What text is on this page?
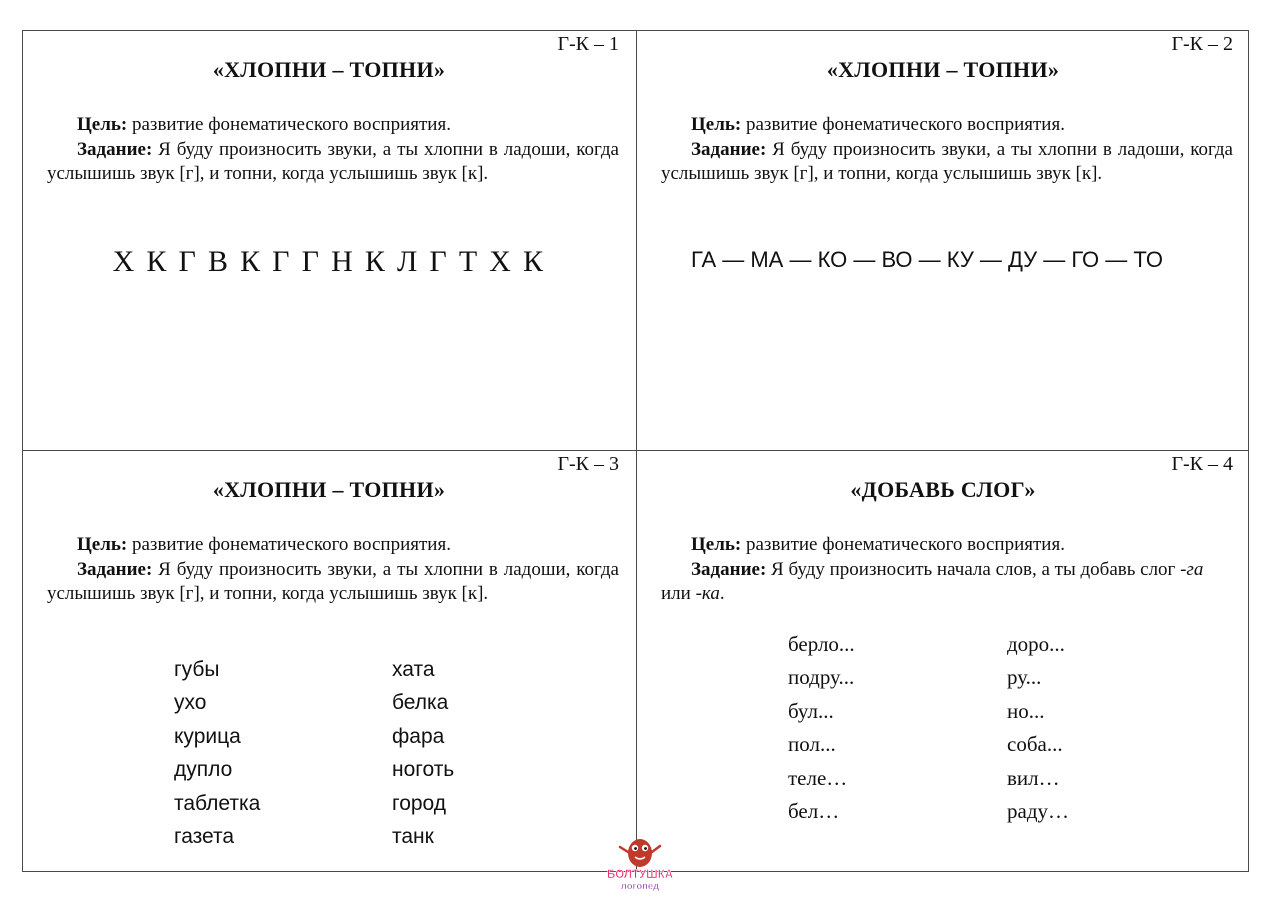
Г-К – 1
«ХЛОПНИ – ТОПНИ»

Цель: развитие фонематического восприятия.

Задание: Я буду произносить звуки, а ты хлопни в ладоши, когда услышишь звук [г], и топни, когда услышишь звук [к].

Х К Г В К Г Г Н К Л Г Т Х К
Г-К – 2
«ХЛОПНИ – ТОПНИ»

Цель: развитие фонематического восприятия.

Задание: Я буду произносить звуки, а ты хлопни в ладоши, когда услышишь звук [г], и топни, когда услышишь звук [к].

ГА — МА — КО — ВО — КУ — ДУ — ГО — ТО
Г-К – 3
«ХЛОПНИ – ТОПНИ»

Цель: развитие фонематического восприятия.

Задание: Я буду произносить звуки, а ты хлопни в ладоши, когда услышишь звук [г], и топни, когда услышишь звук [к].

губы
ухо
курица
дупло
таблетка
газета
хата
белка
фара
ноготь
город
танк
Г-К – 4
«ДОБАВЬ СЛОГ»

Цель: развитие фонематического восприятия.

Задание: Я буду произносить начала слов, а ты добавь слог -га или -ка.

берло...
подру...
бул...
пол...
теле…
бел…
доро...
ру...
но...
соба...
вил…
раду…
БОЛТУШКА
логопед
